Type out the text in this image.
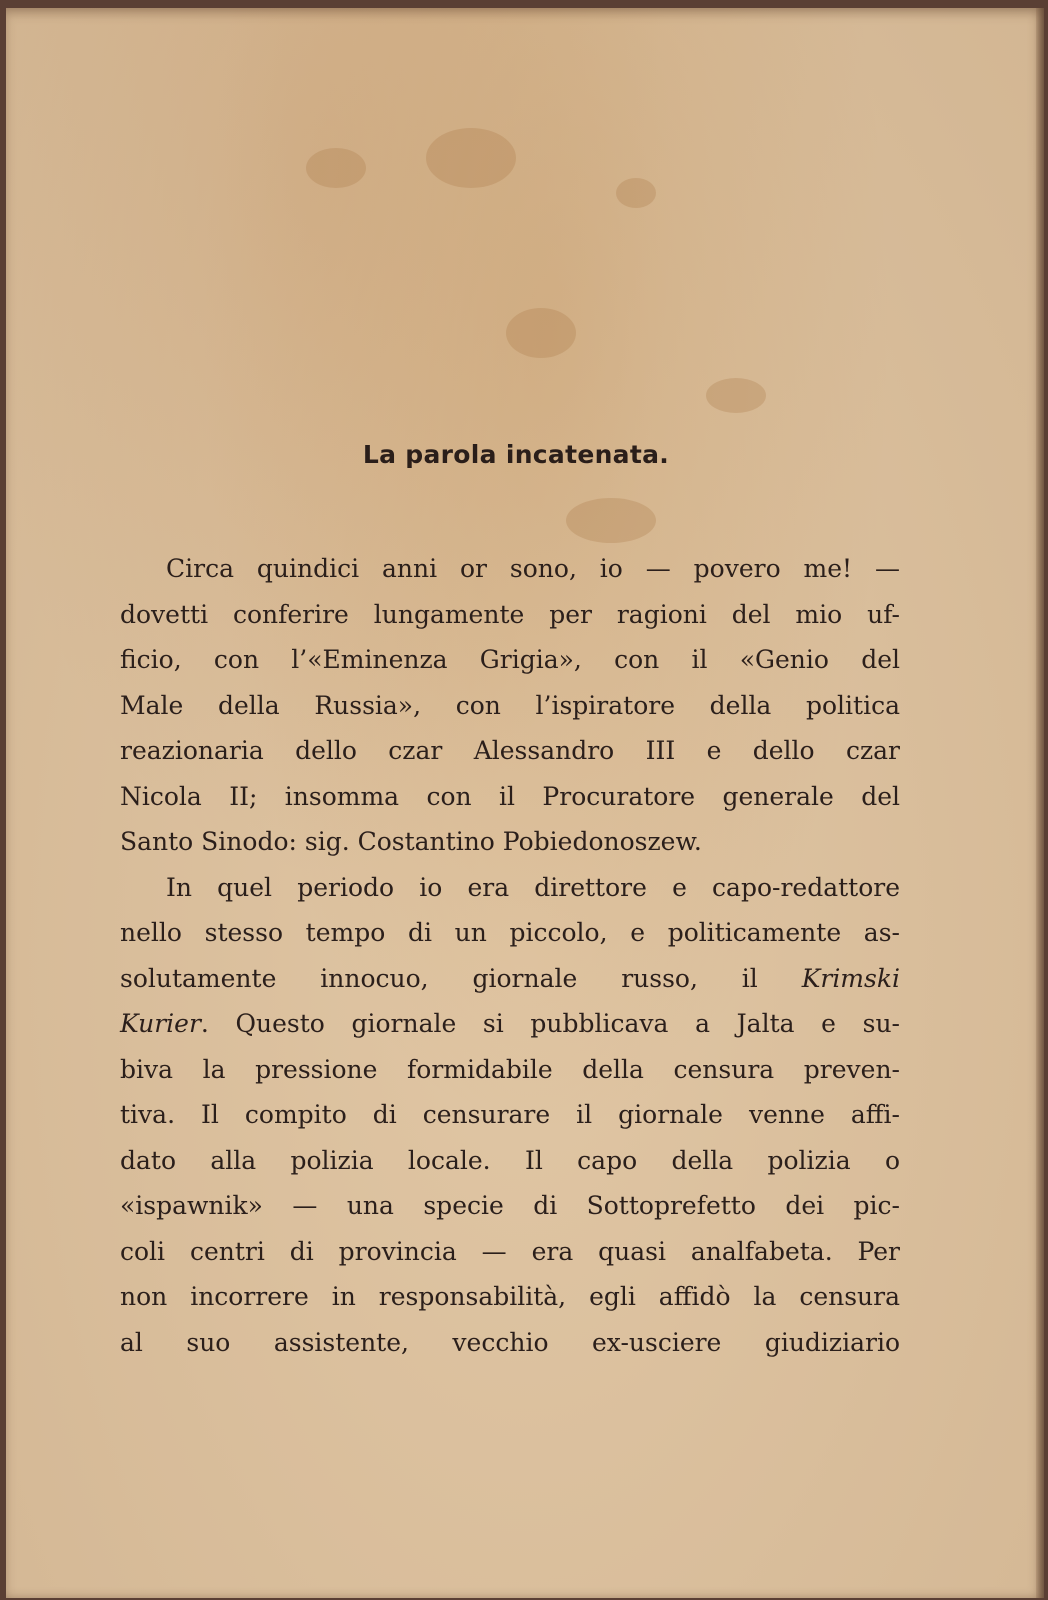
La parola incatenata.
Circa quindici anni or sono, io — povero me! —
dovetti conferire lungamente per ragioni del mio uf-
ficio, con l’«Eminenza Grigia», con il «Genio del
Male della Russia», con l’ispiratore della politica
reazionaria dello czar Alessandro III e dello czar
Nicola II; insomma con il Procuratore generale del
Santo Sinodo: sig. Costantino Pobiedonoszew.
In quel periodo io era direttore e capo-redattore
nello stesso tempo di un piccolo, e politicamente as-
solutamente innocuo, giornale russo, il Krimski
Kurier. Questo giornale si pubblicava a Jalta e su-
biva la pressione formidabile della censura preven-
tiva. Il compito di censurare il giornale venne affi-
dato alla polizia locale. Il capo della polizia o
«ispawnik» — una specie di Sottoprefetto dei pic-
coli centri di provincia — era quasi analfabeta. Per
non incorrere in responsabilità, egli affidò la censura
al suo assistente, vecchio ex-usciere giudiziario
